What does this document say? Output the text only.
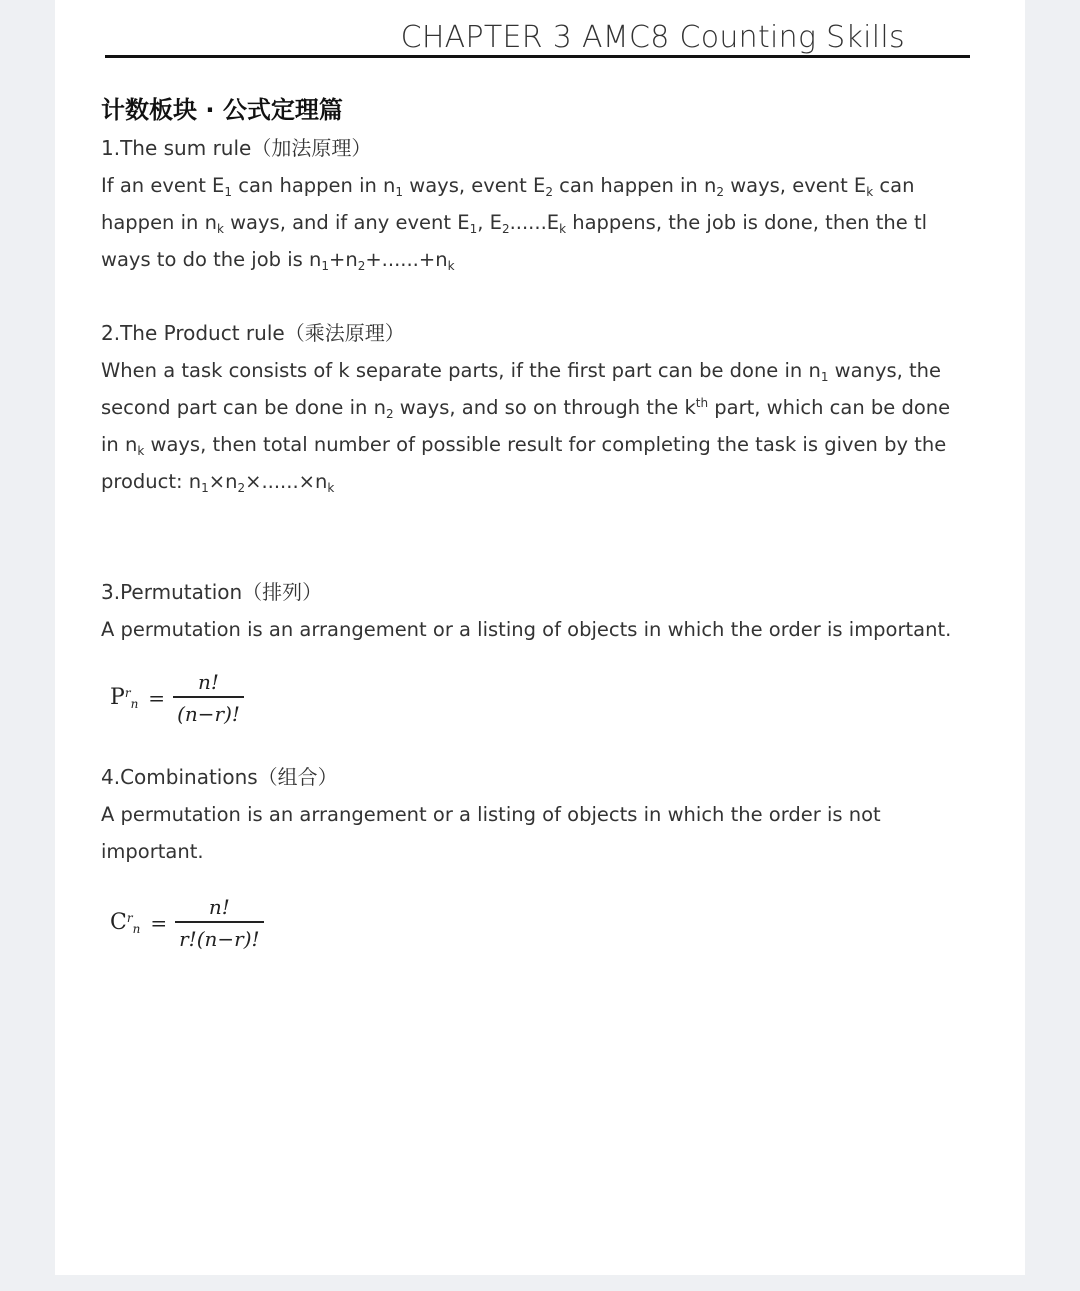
CHAPTER 3 AMC8 Counting Skills
计数板块 · 公式定理篇
1.The sum rule（加法原理）
If an event $E_1$ can happen in $n_1$ ways, event $E_2$ can happen in $n_2$ ways, event $E_k$ can
happen in $n_k$ ways, and if any event $E_1$, $E_2......E_k$ happens, the job is done, then the tl
ways to do the job is $n_1+n_2+......+n_k$
2.The Product rule（乘法原理）
When a task consists of k separate parts, if the first part can be done in $n_1$ wanys, the
second part can be done in $n_2$ ways, and so on through the $k^{th}$ part, which can be done
in $n_k$ ways, then total number of possible result for completing the task is given by the
product: $n_1\times n_2\times......\times n_k$
3.Permutation（排列）
A permutation is an arrangement or a listing of objects in which the order is important.
$P^r_n = \frac{n!}{(n-r)!}$
4.Combinations（组合）
A permutation is an arrangement or a listing of objects in which the order is not
important.
$C^r_n = \frac{n!}{r!(n-r)!}$
